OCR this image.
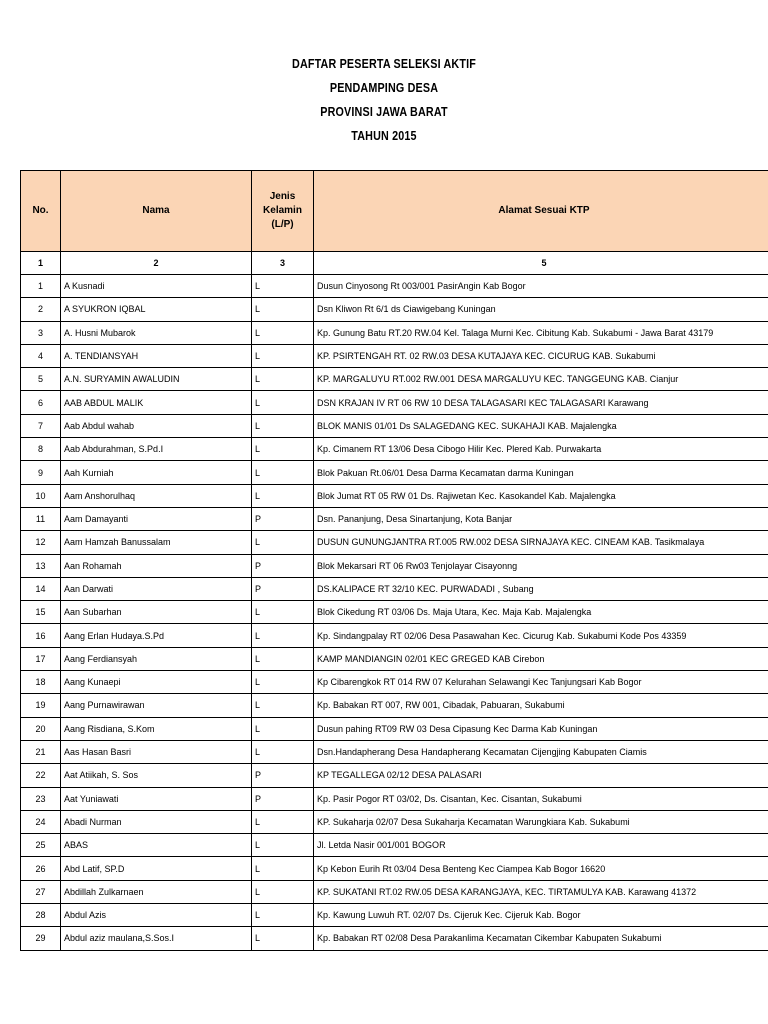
DAFTAR PESERTA SELEKSI AKTIF
PENDAMPING DESA
PROVINSI JAWA BARAT
TAHUN 2015
No.	Nama	Jenis Kelamin (L/P)	Alamat Sesuai KTP
1	2	3	5
1	A Kusnadi	L	Dusun Cinyosong Rt 003/001 PasirAngin Kab Bogor
2	A SYUKRON IQBAL	L	Dsn Kliwon Rt 6/1 ds Ciawigebang Kuningan
3	A. Husni Mubarok	L	Kp. Gunung Batu RT.20 RW.04 Kel. Talaga Murni Kec. Cibitung Kab. Sukabumi - Jawa Barat 43179
4	A. TENDIANSYAH	L	KP. PSIRTENGAH RT. 02 RW.03 DESA KUTAJAYA KEC. CICURUG KAB. Sukabumi
5	A.N. SURYAMIN AWALUDIN	L	KP. MARGALUYU RT.002 RW.001 DESA MARGALUYU KEC. TANGGEUNG KAB. Cianjur
6	AAB ABDUL MALIK	L	DSN KRAJAN IV RT 06 RW 10 DESA TALAGASARI KEC TALAGASARI Karawang
7	Aab Abdul wahab	L	BLOK MANIS 01/01 Ds SALAGEDANG KEC. SUKAHAJI KAB. Majalengka
8	Aab Abdurahman, S.Pd.I	L	Kp. Cimanem RT 13/06 Desa Cibogo Hilir Kec. Plered Kab. Purwakarta
9	Aah Kurniah	L	Blok Pakuan Rt.06/01 Desa Darma Kecamatan darma Kuningan
10	Aam Anshorulhaq	L	Blok Jumat RT 05 RW 01 Ds. Rajiwetan Kec. Kasokandel Kab. Majalengka
11	Aam Damayanti	P	Dsn. Pananjung, Desa Sinartanjung, Kota Banjar
12	Aam Hamzah Banussalam	L	DUSUN GUNUNGJANTRA RT.005 RW.002 DESA SIRNAJAYA KEC. CINEAM KAB. Tasikmalaya
13	Aan Rohamah	P	Blok Mekarsari RT 06 Rw03 Tenjolayar Cisayonng
14	Aan Darwati	P	DS.KALIPACE RT 32/10 KEC. PURWADADI , Subang
15	Aan Subarhan	L	Blok Cikedung RT 03/06 Ds. Maja Utara, Kec. Maja Kab. Majalengka
16	Aang Erlan Hudaya.S.Pd	L	Kp. Sindangpalay RT 02/06 Desa Pasawahan Kec. Cicurug Kab. Sukabumi Kode Pos 43359
17	Aang Ferdiansyah	L	KAMP MANDIANGIN 02/01 KEC GREGED KAB Cirebon
18	Aang Kunaepi	L	Kp Cibarengkok RT 014 RW 07 Kelurahan Selawangi Kec Tanjungsari Kab Bogor
19	Aang Purnawirawan	L	Kp. Babakan RT 007, RW 001, Cibadak, Pabuaran, Sukabumi
20	Aang Risdiana, S.Kom	L	Dusun pahing RT09 RW 03 Desa Cipasung Kec Darma Kab Kuningan
21	Aas Hasan Basri	L	Dsn.Handapherang Desa Handapherang Kecamatan Cijengjing Kabupaten Ciamis
22	Aat Atiikah, S. Sos	P	KP TEGALLEGA 02/12 DESA PALASARI
23	Aat Yuniawati	P	Kp. Pasir Pogor RT 03/02, Ds. Cisantan, Kec. Cisantan, Sukabumi
24	Abadi Nurman	L	KP. Sukaharja 02/07 Desa Sukaharja Kecamatan Warungkiara Kab. Sukabumi
25	ABAS	L	Jl. Letda Nasir 001/001 BOGOR
26	Abd Latif, SP.D	L	Kp Kebon Eurih Rt 03/04 Desa Benteng Kec Ciampea Kab Bogor 16620
27	Abdillah Zulkarnaen	L	KP. SUKATANI RT.02 RW.05 DESA KARANGJAYA, KEC. TIRTAMULYA KAB. Karawang 41372
28	Abdul Azis	L	Kp. Kawung Luwuh RT. 02/07 Ds. Cijeruk Kec. Cijeruk Kab. Bogor
29	Abdul aziz maulana,S.Sos.I	L	Kp. Babakan RT 02/08 Desa Parakanlima Kecamatan Cikembar Kabupaten Sukabumi
